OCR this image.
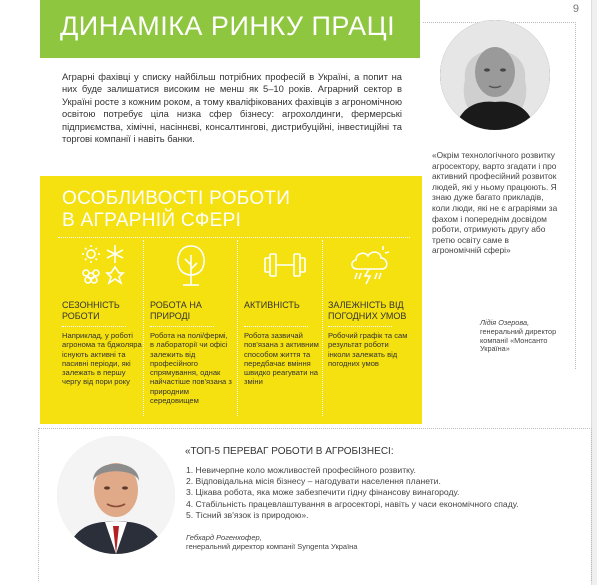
ДИНАМІКА РИНКУ ПРАЦІ
9
Аграрні фахівці у списку найбільш потрібних професій в Україні, а попит на них буде залишатися високим не менш як 5–10 років. Аграрний сектор в Україні росте з кожним роком, а тому кваліфікованих фахівців з агрономічною освітою потребує ціла низка сфер бізнесу: агрохолдинги, фермерські підприємства, хімічні, насіннєві, консалтингові, дистрибуційні, інвестиційні та торгові компанії і навіть банки.
ОСОБЛИВОСТІ РОБОТИ
В АГРАРНІЙ СФЕРІ
СЕЗОННІСТЬ РОБОТИ
Наприклад, у роботі агронома та бджоляра існують активні та пасивні періоди, які залежать в першу чергу від пори року
РОБОТА НА ПРИРОДІ
Робота на полі/фермі, в лабораторії чи офісі залежить від професійного спрямування, однак найчастіше пов'язана з природним середовищем
АКТИВНІСТЬ
Робота зазвичай пов'язана з активним способом життя та передбачає вміння швидко реагувати на зміни
ЗАЛЕЖНІСТЬ ВІД ПОГОДНИХ УМОВ
Робочий графік та сам результат роботи інколи залежать від погодних умов
«Окрім технологічного розвитку агросектору, варто згадати і про активний професійний розвиток людей, які у ньому працюють. Я знаю дуже багато прикладів, коли люди, які не є аграріями за фахом і попереднім досвідом роботи, отримують другу або третю освіту саме в агрономічній сфері»
Лідія Озерова,
генеральний директор компанії «Монсанто Україна»
«ТОП-5 ПЕРЕВАГ РОБОТИ В АГРОБІЗНЕСІ:
1. Невичерпне коло можливостей професійного розвитку.
2. Відповідальна місія бізнесу – нагодувати населення планети.
3. Цікава робота, яка може забезпечити гідну фінансову винагороду.
4. Стабільність працевлаштування в агросекторі, навіть у часи економічного спаду.
5. Тісний зв'язок із природою».
Гебхард Рогенхофер,
генеральний директор компанії Syngenta Україна
